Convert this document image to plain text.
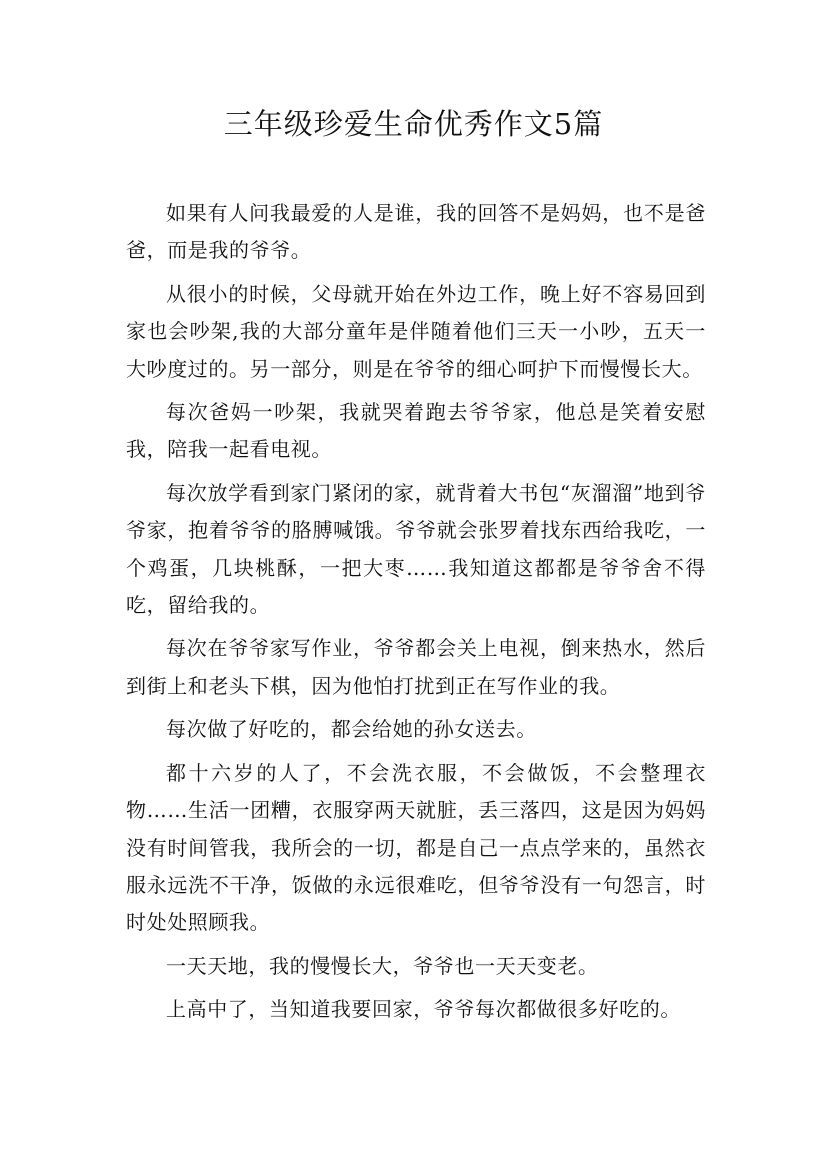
三年级珍爱生命优秀作文5篇

如果有人问我最爱的人是谁，我的回答不是妈妈，也不是爸爸，而是我的爷爷。

从很小的时候，父母就开始在外边工作，晚上好不容易回到家也会吵架,我的大部分童年是伴随着他们三天一小吵，五天一大吵度过的。另一部分，则是在爷爷的细心呵护下而慢慢长大。

每次爸妈一吵架，我就哭着跑去爷爷家，他总是笑着安慰我，陪我一起看电视。

每次放学看到家门紧闭的家，就背着大书包“灰溜溜”地到爷爷家，抱着爷爷的胳膊喊饿。爷爷就会张罗着找东西给我吃，一个鸡蛋，几块桃酥，一把大枣……我知道这都都是爷爷舍不得吃，留给我的。

每次在爷爷家写作业，爷爷都会关上电视，倒来热水，然后到街上和老头下棋，因为他怕打扰到正在写作业的我。

每次做了好吃的，都会给她的孙女送去。

都十六岁的人了，不会洗衣服，不会做饭，不会整理衣物……生活一团糟，衣服穿两天就脏，丢三落四，这是因为妈妈没有时间管我，我所会的一切，都是自己一点点学来的，虽然衣服永远洗不干净，饭做的永远很难吃，但爷爷没有一句怨言，时时处处照顾我。

一天天地，我的慢慢长大，爷爷也一天天变老。

上高中了，当知道我要回家，爷爷每次都做很多好吃的。
